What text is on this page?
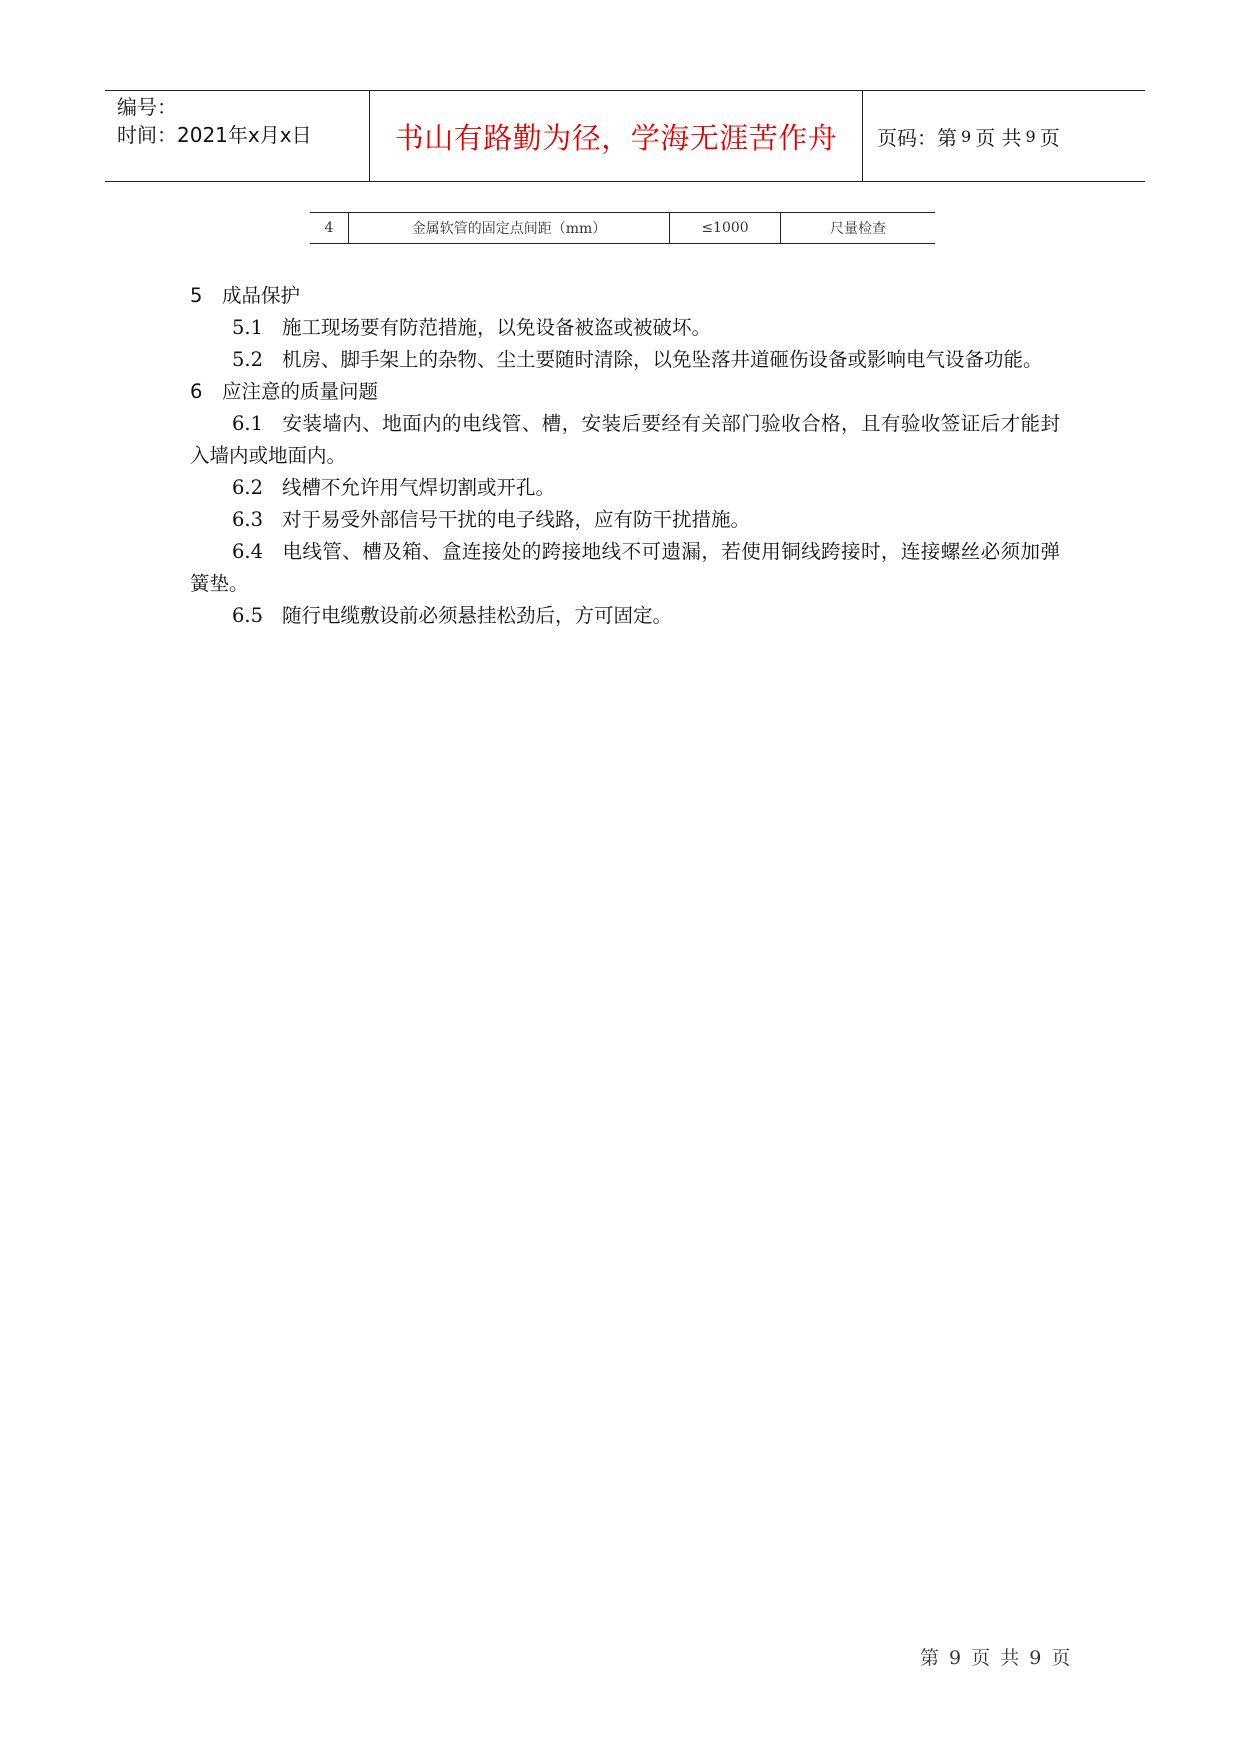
编号：
时间：2021年x月x日	书山有路勤为径，学海无涯苦作舟	页码：第 9 页 共 9 页
4	金属软管的固定点间距（mm）	≤1000	尺量检查
5 成品保护
5.1 施工现场要有防范措施，以免设备被盗或被破坏。
5.2 机房、脚手架上的杂物、尘土要随时清除，以免坠落井道砸伤设备或影响电气设备功能。
6 应注意的质量问题
6.1 安装墙内、地面内的电线管、槽，安装后要经有关部门验收合格，且有验收签证后才能封入墙内或地面内。
6.2 线槽不允许用气焊切割或开孔。
6.3 对于易受外部信号干扰的电子线路，应有防干扰措施。
6.4 电线管、槽及箱、盒连接处的跨接地线不可遗漏，若使用铜线跨接时，连接螺丝必须加弹簧垫。
6.5 随行电缆敷设前必须悬挂松劲后，方可固定。
第 9 页 共 9 页
